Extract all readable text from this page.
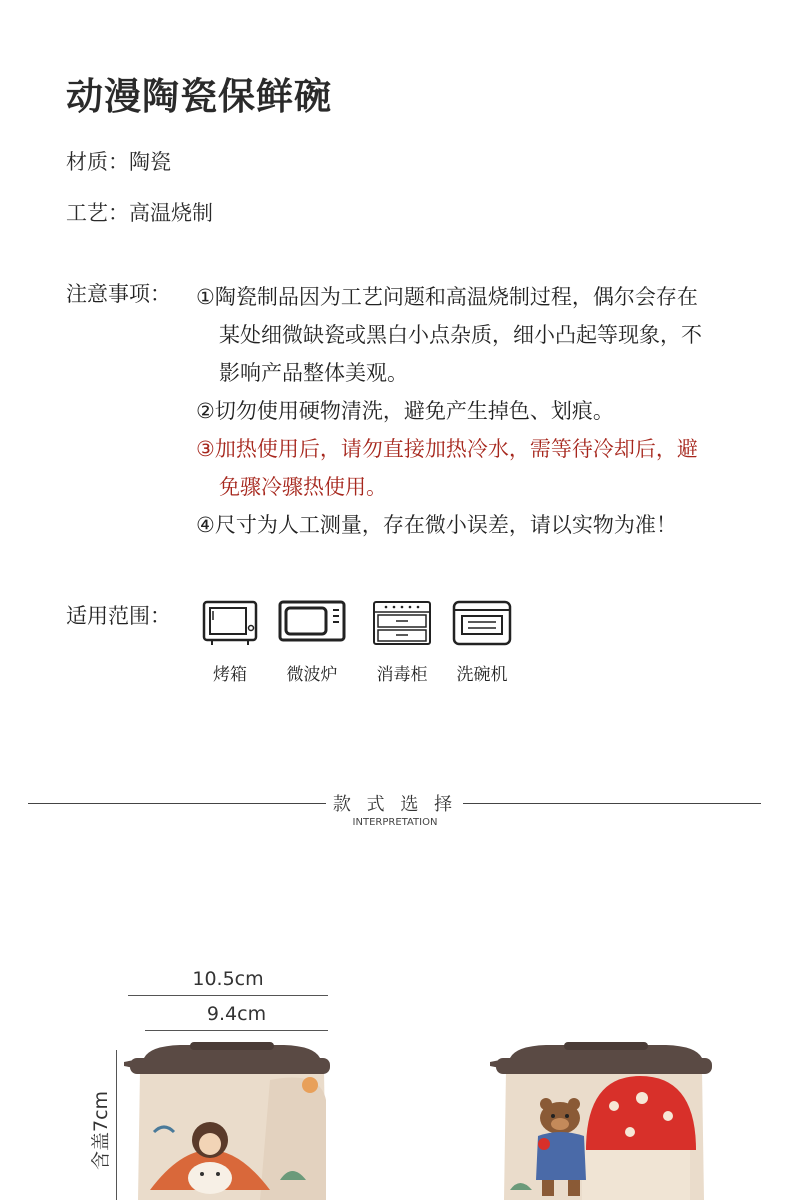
动漫陶瓷保鲜碗
材质：陶瓷
工艺：高温烧制
注意事项： ①陶瓷制品因为工艺问题和高温烧制过程，偶尔会存在某处细微缺瓷或黑白小点杂质，细小凸起等现象，不影响产品整体美观。
②切勿使用硬物清洗，避免产生掉色、划痕。
③加热使用后，请勿直接加热冷水，需等待冷却后，避免骤冷骤热使用。
④尺寸为人工测量，存在微小误差，请以实物为准！
适用范围：
烤箱	微波炉	消毒柜	洗碗机
款 式 选 择
INTERPRETATION
10.5cm
9.4cm
含盖7cm
